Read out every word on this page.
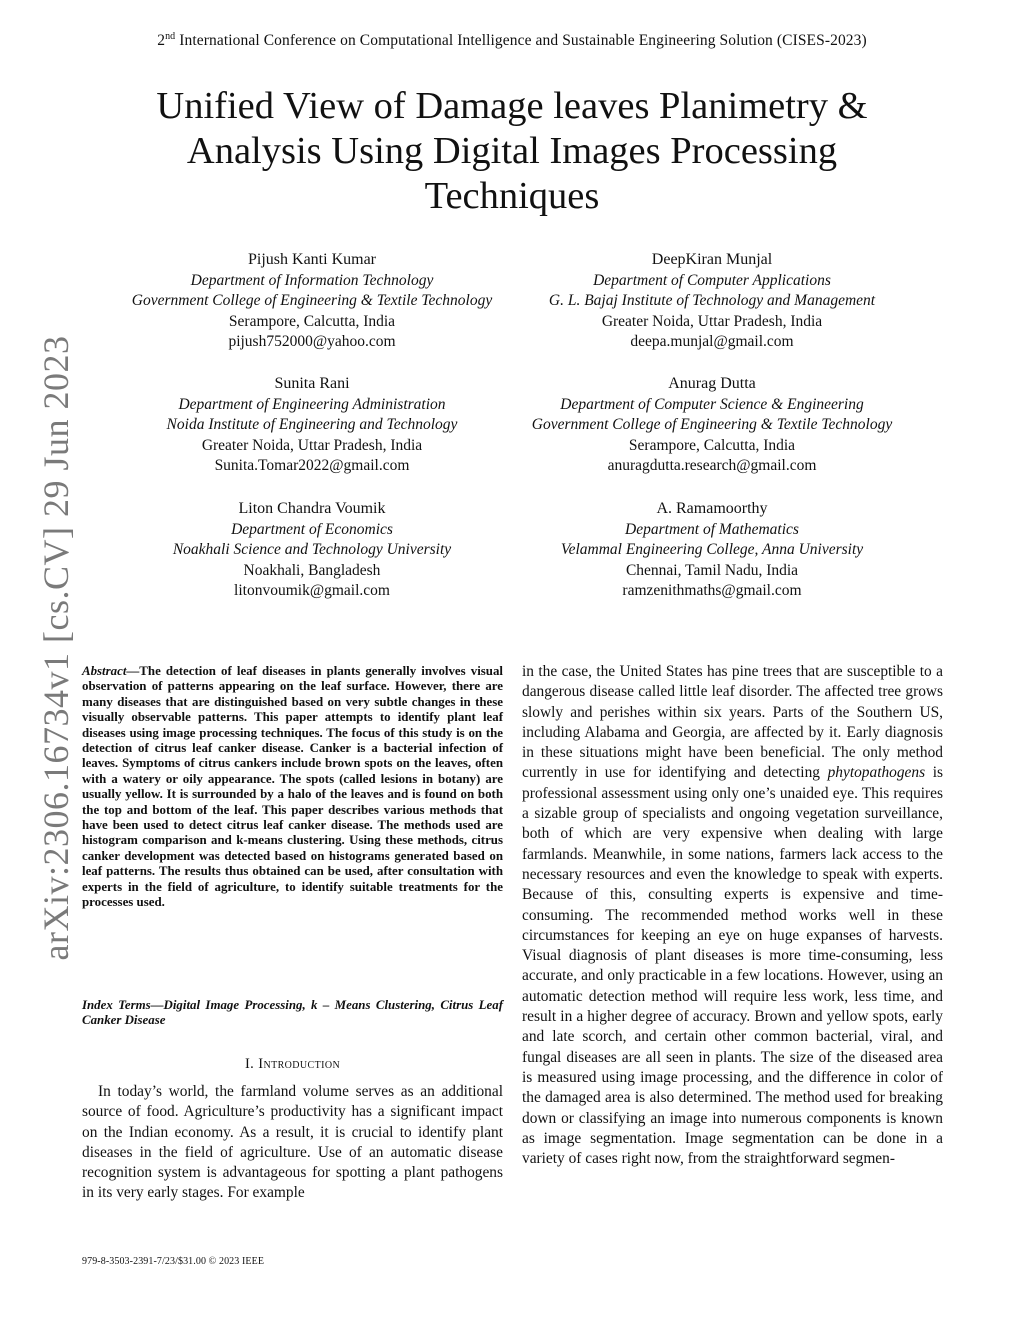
2nd International Conference on Computational Intelligence and Sustainable Engineering Solution (CISES-2023)
Unified View of Damage leaves Planimetry & Analysis Using Digital Images Processing Techniques
Pijush Kanti Kumar
Department of Information Technology
Government College of Engineering & Textile Technology
Serampore, Calcutta, India
pijush752000@yahoo.com
DeepKiran Munjal
Department of Computer Applications
G. L. Bajaj Institute of Technology and Management
Greater Noida, Uttar Pradesh, India
deepa.munjal@gmail.com
Sunita Rani
Department of Engineering Administration
Noida Institute of Engineering and Technology
Greater Noida, Uttar Pradesh, India
Sunita.Tomar2022@gmail.com
Anurag Dutta
Department of Computer Science & Engineering
Government College of Engineering & Textile Technology
Serampore, Calcutta, India
anuragdutta.research@gmail.com
Liton Chandra Voumik
Department of Economics
Noakhali Science and Technology University
Noakhali, Bangladesh
litonvoumik@gmail.com
A. Ramamoorthy
Department of Mathematics
Velammal Engineering College, Anna University
Chennai, Tamil Nadu, India
ramzenithmaths@gmail.com
arXiv:2306.16734v1 [cs.CV] 29 Jun 2023 Abstract—The detection of leaf diseases in plants generally involves visual observation of patterns appearing on the leaf surface. However, there are many diseases that are distinguished based on very subtle changes in these visually observable patterns. This paper attempts to identify plant leaf diseases using image processing techniques. The focus of this study is on the detection of citrus leaf canker disease. Canker is a bacterial infection of leaves. Symptoms of citrus cankers include brown spots on the leaves, often with a watery or oily appearance. The spots (called lesions in botany) are usually yellow. It is surrounded by a halo of the leaves and is found on both the top and bottom of the leaf. This paper describes various methods that have been used to detect citrus leaf canker disease. The methods used are histogram comparison and k-means clustering. Using these methods, citrus canker development was detected based on histograms generated based on leaf patterns. The results thus obtained can be used, after consultation with experts in the field of agriculture, to identify suitable treatments for the processes used.

Index Terms—Digital Image Processing, k – Means Clustering, Citrus Leaf Canker Disease

I. Introduction

In today’s world, the farmland volume serves as an additional source of food. Agriculture’s productivity has a significant impact on the Indian economy. As a result, it is crucial to identify plant diseases in the field of agriculture. Use of an automatic disease recognition system is advantageous for spotting a plant pathogens in its very early stages. For example

in the case, the United States has pine trees that are susceptible to a dangerous disease called little leaf disorder. The affected tree grows slowly and perishes within six years. Parts of the Southern US, including Alabama and Georgia, are affected by it. Early diagnosis in these situations might have been beneficial. The only method currently in use for identifying and detecting phytopathogens is professional assessment using only one’s unaided eye. This requires a sizable group of specialists and ongoing vegetation surveillance, both of which are very expensive when dealing with large farmlands. Meanwhile, in some nations, farmers lack access to the necessary resources and even the knowledge to speak with experts. Because of this, consulting experts is expensive and time-consuming. The recommended method works well in these circumstances for keeping an eye on huge expanses of harvests. Visual diagnosis of plant diseases is more time-consuming, less accurate, and only practicable in a few locations. However, using an automatic detection method will require less work, less time, and result in a higher degree of accuracy. Brown and yellow spots, early and late scorch, and certain other common bacterial, viral, and fungal diseases are all seen in plants. The size of the diseased area is measured using image processing, and the difference in color of the damaged area is also determined. The method used for breaking down or classifying an image into numerous components is known as image segmentation. Image segmentation can be done in a variety of cases right now, from the straightforward segmen-

979-8-3503-2391-7/23/$31.00 © 2023 IEEE
